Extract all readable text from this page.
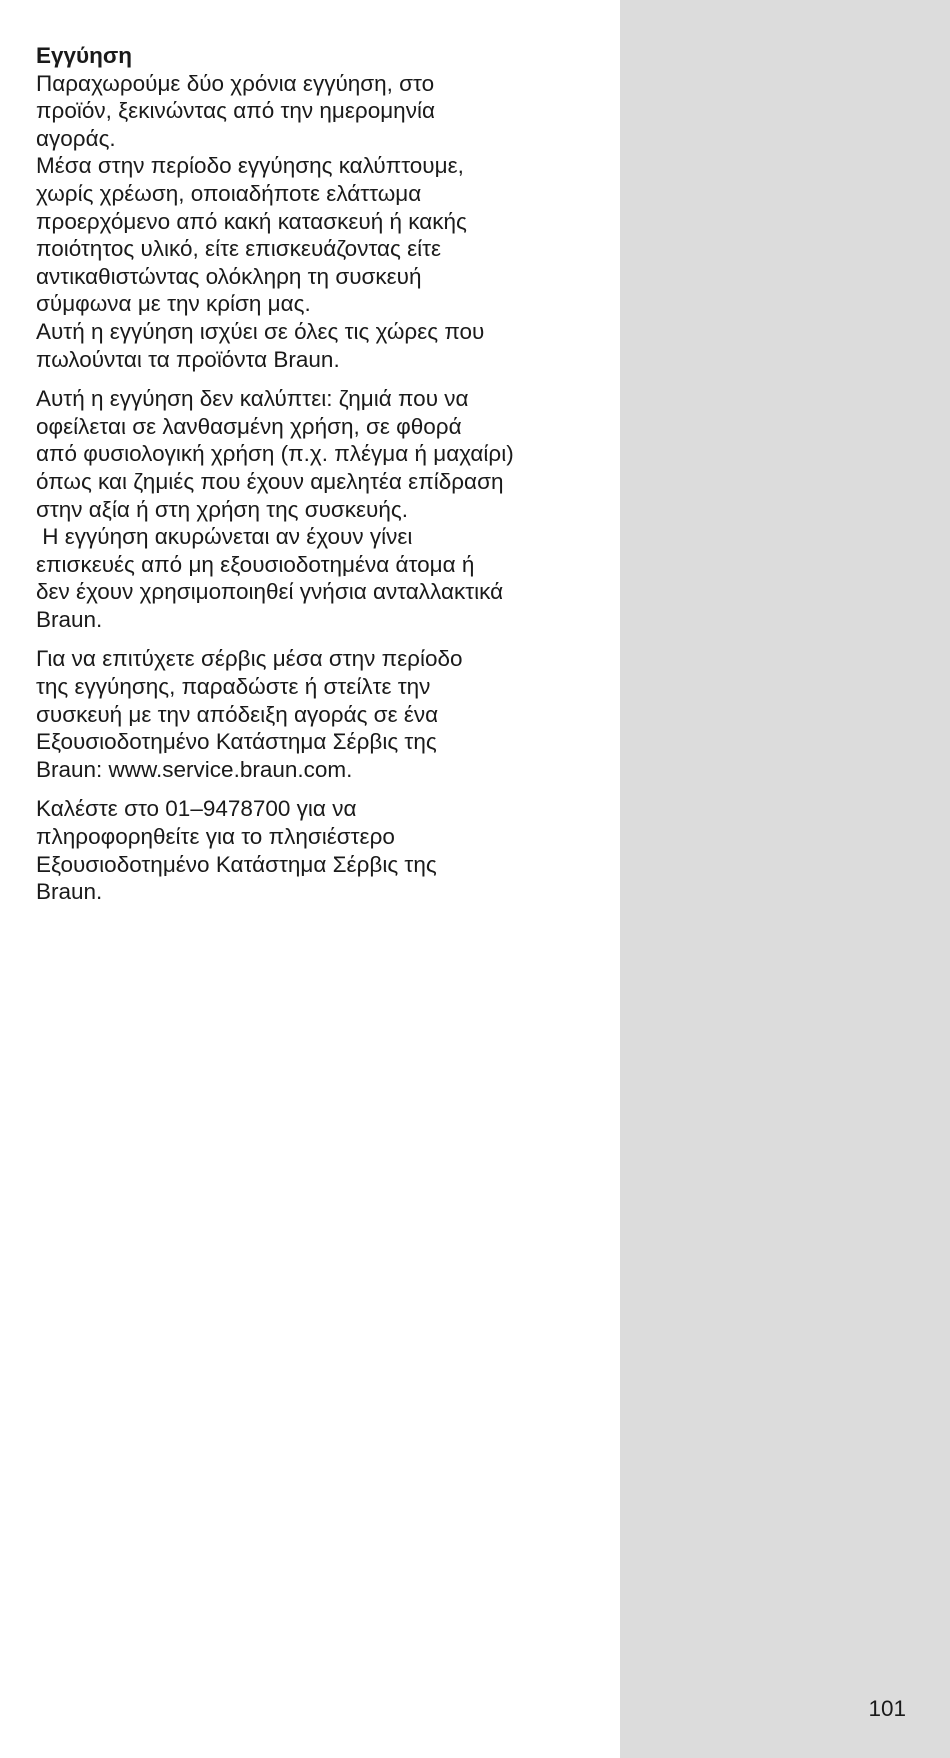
Εγγύηση

Παραχωρούμε δύο χρόνια εγγύηση, στο
προϊόν, ξεκινώντας από την ημερομηνία
αγοράς.
Μέσα στην περίοδο εγγύησης καλύπτουμε,
χωρίς χρέωση, οποιαδήποτε ελάττωμα
προερχόμενο από κακή κατασκευή ή κακής
ποιότητος υλικό, είτε επισκευάζοντας είτε
αντικαθιστώντας ολόκληρη τη συσκευή
σύμφωνα με την κρίση μας.
Αυτή η εγγύηση ισχύει σε όλες τις χώρες που
πωλούνται τα προϊόντα Braun.

Αυτή η εγγύηση δεν καλύπτει: ζημιά που να
οφείλεται σε λανθασμένη χρήση, σε φθορά
από φυσιολογική χρήση (π.χ. πλέγμα ή μαχαίρι)
όπως και ζημιές που έχουν αμελητέα επίδραση
στην αξία ή στη χρήση της συσκευής.
Η εγγύηση ακυρώνεται αν έχουν γίνει
επισκευές από μη εξουσιοδοτημένα άτομα ή
δεν έχουν χρησιμοποιηθεί γνήσια ανταλλακτικά
Braun.

Για να επιτύχετε σέρβις μέσα στην περίοδο
της εγγύησης, παραδώστε ή στείλτε την
συσκευή με την απόδειξη αγοράς σε ένα
Εξουσιοδοτημένο Κατάστημα Σέρβις της
Braun: www.service.braun.com.

Καλέστε στο 01–9478700 για να
πληροφορηθείτε για το πλησιέστερο
Εξουσιοδοτημένο Κατάστημα Σέρβις της
Braun.

101
